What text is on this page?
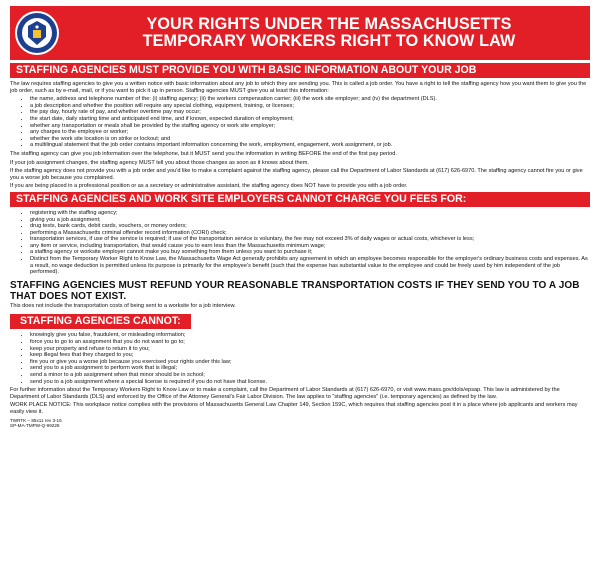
YOUR RIGHTS UNDER THE MASSACHUSETTS
TEMPORARY WORKERS RIGHT TO KNOW LAW
STAFFING AGENCIES MUST PROVIDE YOU WITH BASIC INFORMATION ABOUT YOUR JOB

The law requires staffing agencies to give you a written notice with basic information about any job to which they are sending you. This is called a job order. You have a right to tell the staffing agency how you want them to give you the job order, such as by e-mail, mail, or if you want to pick it up in person. Staffing agencies MUST give you at least this information:

• the name, address and telephone number of the: (i) staffing agency; (ii) the workers compensation carrier; (iii) the work site employer; and (iv) the department (DLS).
• a job description and whether the position will require any special clothing, equipment, training, or licenses;
• the pay day, hourly rate of pay, and whether overtime pay may occur;
• the start date, daily starting time and anticipated end time, and if known, expected duration of employment;
• whether any transportation or meals shall be provided by the staffing agency or work site employer;
• any charges to the employee or worker;
• whether the work site location is on strike or lockout; and
• a multilingual statement that the job order contains important information concerning the work, employment, engagement, work assignment, or job.

The staffing agency can give you job information over the telephone, but it MUST send you the information in writing BEFORE the end of the first pay period.

If your job assignment changes, the staffing agency MUST tell you about those changes as soon as it knows about them.

If the staffing agency does not provide you with a job order and you'd like to make a complaint against the staffing agency, please call the Department of Labor Standards at (617) 626-6970. The staffing agency cannot fire you or give you a worse job because you complained.

If you are being placed in a professional position or as a secretary or administrative assistant, the staffing agency does NOT have to provide you with a job order.

STAFFING AGENCIES AND WORK SITE EMPLOYERS CANNOT CHARGE YOU FEES FOR:
• registering with the staffing agency;
• giving you a job assignment;
• drug tests, bank cards, debit cards, vouchers, or money orders;
• performing a Massachusetts criminal offender record information (CORI) check;
• transportation services, if use of the service is required; if use of the transportation service is voluntary, the fee may not exceed 3% of daily wages or actual costs, whichever is less;
• any item or service, including transportation, that would cause you to earn less than the Massachusetts minimum wage;
• a staffing agency or worksite employer cannot make you buy something from them unless you want to purchase it;
• Distinct from the Temporary Worker Right to Know Law, the Massachusetts Wage Act generally prohibits any agreement in which an employee becomes responsible for the employer's ordinary business costs and expenses. As a result, no wage deduction is permitted unless its purpose is primarily for the employee's benefit (such that the expense has substantial value to the employee and could be freely used by him independent of the job performed).
STAFFING AGENCIES MUST REFUND YOUR REASONABLE TRANSPORTATION COSTS IF THEY SEND YOU TO A JOB THAT DOES NOT EXIST.

This does not include the transportation costs of being sent to a worksite for a job interview.

STAFFING AGENCIES CANNOT:
• knowingly give you false, fraudulent, or misleading information;
• force you to go to an assignment that you do not want to go to;
• keep your property and refuse to return it to you;
• keep illegal fees that they charged to you;
• fire you or give you a worse job because you exercised your rights under this law;
• send you to a job assignment to perform work that is illegal;
• send a minor to a job assignment when that minor should be in school;
• send you to a job assignment where a special license is required if you do not have that license.

For further information about the Temporary Workers Right to Know Law or to make a complaint, call the Department of Labor Standards at (617) 626-6970, or visit www.mass.gov/dols/epsap. This law is administered by the Department of Labor Standards (DLS) and enforced by the Office of the Attorney General's Fair Labor Division. The law applies to "staffing agencies" (i.e. temporary agencies) as defined by the law.

WORK PLACE NOTICE: This workplace notice complies with the provisions of Massachusetts General Law Chapter 149, Section 159C, which requires that staffing agencies post it in a place where job applicants and workers may easily view it.

TWRTK – 85x11 rev 3-16
SP-MA-TMPW-Q-99229
